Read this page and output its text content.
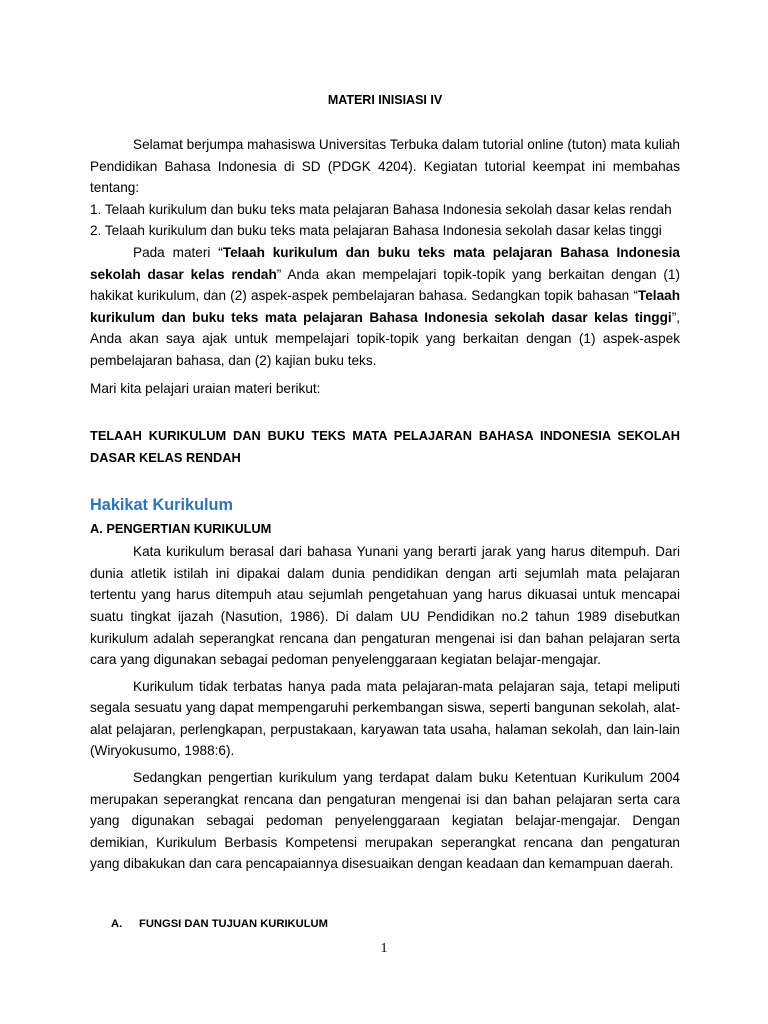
MATERI INISIASI IV

Selamat berjumpa mahasiswa Universitas Terbuka dalam tutorial online (tuton) mata kuliah Pendidikan Bahasa Indonesia di SD (PDGK 4204). Kegiatan tutorial keempat ini membahas tentang:

1. Telaah kurikulum dan buku teks mata pelajaran Bahasa Indonesia sekolah dasar kelas rendah
2. Telaah kurikulum dan buku teks mata pelajaran Bahasa Indonesia sekolah dasar kelas tinggi

Pada materi “Telaah kurikulum dan buku teks mata pelajaran Bahasa Indonesia sekolah dasar kelas rendah” Anda akan mempelajari topik-topik yang berkaitan dengan (1) hakikat kurikulum, dan (2) aspek-aspek pembelajaran bahasa. Sedangkan topik bahasan “Telaah kurikulum dan buku teks mata pelajaran Bahasa Indonesia sekolah dasar kelas tinggi”, Anda akan saya ajak untuk mempelajari topik-topik yang berkaitan dengan (1) aspek-aspek pembelajaran bahasa, dan (2) kajian buku teks.

Mari kita pelajari uraian materi berikut:

TELAAH KURIKULUM DAN BUKU TEKS MATA PELAJARAN BAHASA INDONESIA SEKOLAH DASAR KELAS RENDAH
Hakikat Kurikulum
A. PENGERTIAN KURIKULUM

Kata kurikulum berasal dari bahasa Yunani yang berarti jarak yang harus ditempuh. Dari dunia atletik istilah ini dipakai dalam dunia pendidikan dengan arti sejumlah mata pelajaran tertentu yang harus ditempuh atau sejumlah pengetahuan yang harus dikuasai untuk mencapai suatu tingkat ijazah (Nasution, 1986). Di dalam UU Pendidikan no.2 tahun 1989 disebutkan kurikulum adalah seperangkat rencana dan pengaturan mengenai isi dan bahan pelajaran serta cara yang digunakan sebagai pedoman penyelenggaraan kegiatan belajar-mengajar.

Kurikulum tidak terbatas hanya pada mata pelajaran-mata pelajaran saja, tetapi meliputi segala sesuatu yang dapat mempengaruhi perkembangan siswa, seperti bangunan sekolah, alat-alat pelajaran, perlengkapan, perpustakaan, karyawan tata usaha, halaman sekolah, dan lain-lain (Wiryokusumo, 1988:6).

Sedangkan pengertian kurikulum yang terdapat dalam buku Ketentuan Kurikulum 2004 merupakan seperangkat rencana dan pengaturan mengenai isi dan bahan pelajaran serta cara yang digunakan sebagai pedoman penyelenggaraan kegiatan belajar-mengajar. Dengan demikian, Kurikulum Berbasis Kompetensi merupakan seperangkat rencana dan pengaturan yang dibakukan dan cara pencapaiannya disesuaikan dengan keadaan dan kemampuan daerah.

A. FUNGSI DAN TUJUAN KURIKULUM
1
